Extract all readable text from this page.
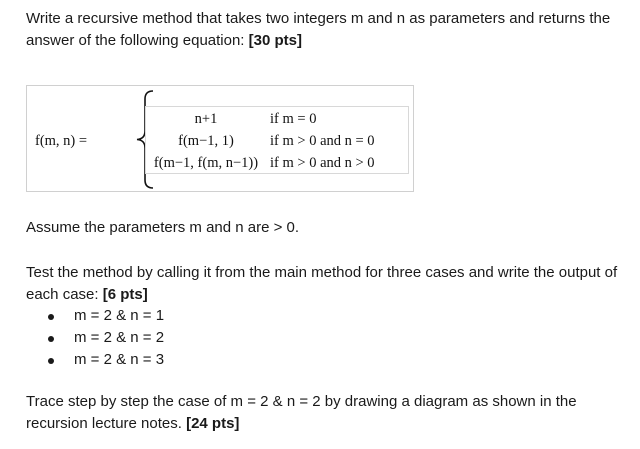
Write a recursive method that takes two integers m and n as parameters and returns the answer of the following equation: [30 pts]

f(m, n) =
n+1	if m = 0
f(m−1, 1)	if m > 0 and n = 0
f(m−1, f(m, n−1)) if m > 0 and n > 0

Assume the parameters m and n are > 0.

Test the method by calling it from the main method for three cases and write the output of each case: [6 pts]

m = 2 & n = 1
m = 2 & n = 2
m = 2 & n = 3

Trace step by step the case of m = 2 & n = 2 by drawing a diagram as shown in the recursion lecture notes. [24 pts]
